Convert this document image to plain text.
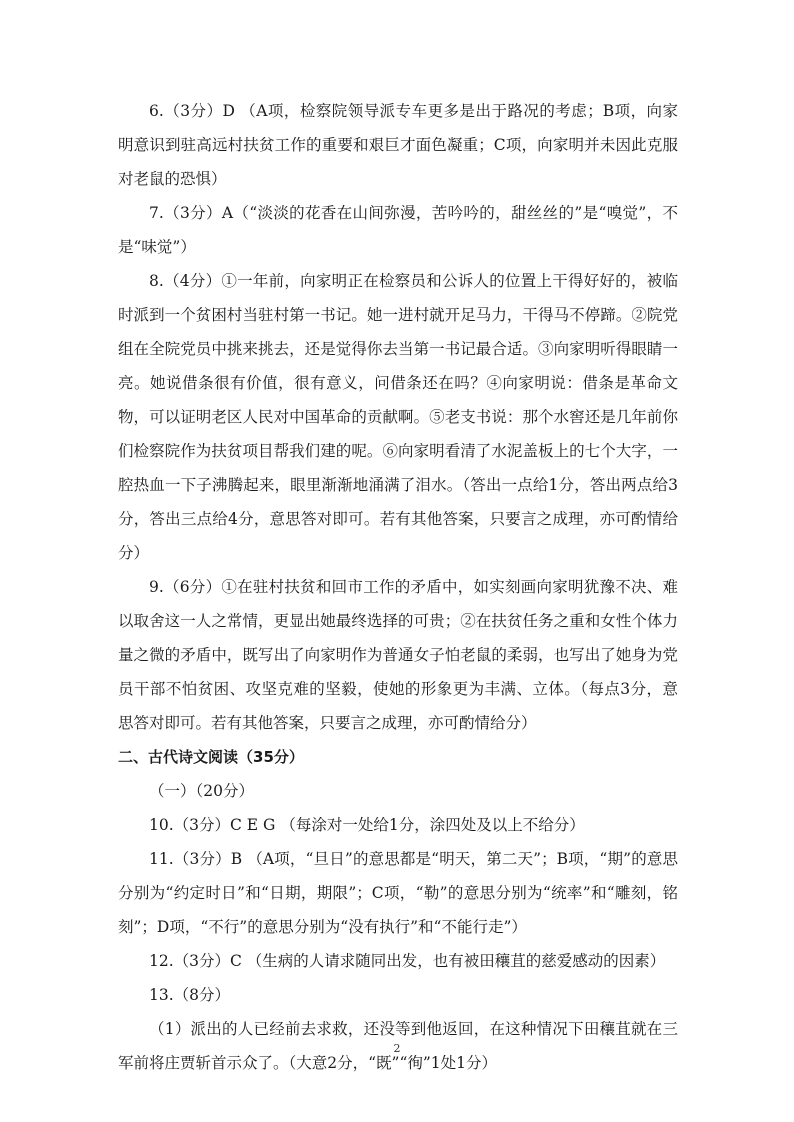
6.（3分）D （A项，检察院领导派专车更多是出于路况的考虑；B项，向家明意识到驻高远村扶贫工作的重要和艰巨才面色凝重；C项，向家明并未因此克服对老鼠的恐惧）

7.（3分）A（“淡淡的花香在山间弥漫，苦吟吟的，甜丝丝的”是“嗅觉”，不是“味觉”）

8.（4分）①一年前，向家明正在检察员和公诉人的位置上干得好好的，被临时派到一个贫困村当驻村第一书记。她一进村就开足马力，干得马不停蹄。②院党组在全院党员中挑来挑去，还是觉得你去当第一书记最合适。③向家明听得眼睛一亮。她说借条很有价值，很有意义，问借条还在吗？④向家明说：借条是革命文物，可以证明老区人民对中国革命的贡献啊。⑤老支书说：那个水窖还是几年前你们检察院作为扶贫项目帮我们建的呢。⑥向家明看清了水泥盖板上的七个大字，一腔热血一下子沸腾起来，眼里渐渐地涌满了泪水。（答出一点给1分，答出两点给3分，答出三点给4分，意思答对即可。若有其他答案，只要言之成理，亦可酌情给分）

9.（6分）①在驻村扶贫和回市工作的矛盾中，如实刻画向家明犹豫不决、难以取舍这一人之常情，更显出她最终选择的可贵；②在扶贫任务之重和女性个体力量之微的矛盾中，既写出了向家明作为普通女子怕老鼠的柔弱，也写出了她身为党员干部不怕贫困、攻坚克难的坚毅，使她的形象更为丰满、立体。（每点3分，意思答对即可。若有其他答案，只要言之成理，亦可酌情给分）

二、古代诗文阅读（35分）

（一）（20分）

10.（3分）C E G （每涂对一处给1分，涂四处及以上不给分）

11.（3分）B （A项，“旦日”的意思都是“明天，第二天”；B项，“期”的意思分别为“约定时日”和“日期，期限”；C项，“勒”的意思分别为“统率”和“雕刻，铭刻”；D项，“不行”的意思分别为“没有执行”和“不能行走”）

12.（3分）C （生病的人请求随同出发，也有被田穰苴的慈爱感动的因素）

13.（8分）

（1）派出的人已经前去求救，还没等到他返回，在这种情况下田穰苴就在三军前将庄贾斩首示众了。（大意2分，“既”“徇”1处1分）

2
